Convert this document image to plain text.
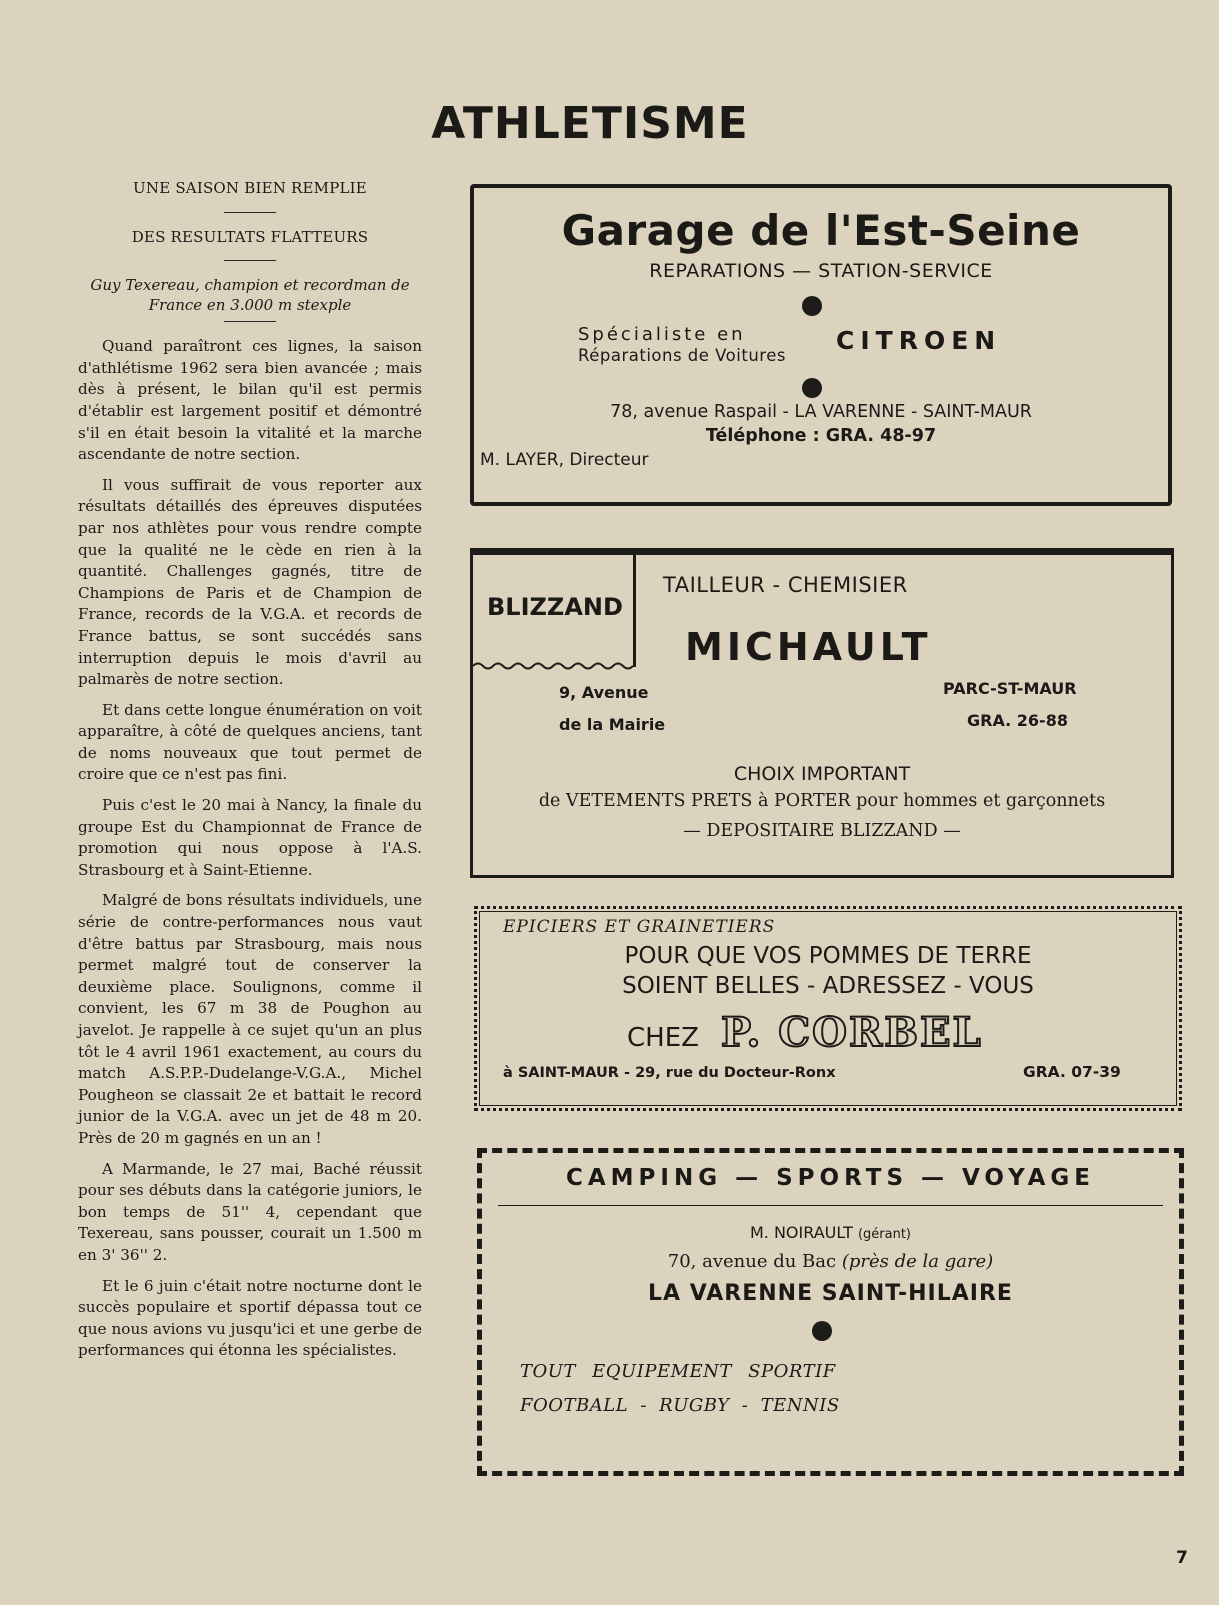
ATHLETISME
UNE SAISON BIEN REMPLIE
DES RESULTATS FLATTEURS
Guy Texereau, champion et recordman de France en 3.000 m stexple

Quand paraîtront ces lignes, la saison d'athlétisme 1962 sera bien avancée ; mais dès à présent, le bilan qu'il est permis d'établir est largement positif et démontré s'il en était besoin la vitalité et la marche ascendante de notre section.

Il vous suffirait de vous reporter aux résultats détaillés des épreuves disputées par nos athlètes pour vous rendre compte que la qualité ne le cède en rien à la quantité. Challenges gagnés, titre de Champions de Paris et de Champion de France, records de la V.G.A. et records de France battus, se sont succédés sans interruption depuis le mois d'avril au palmarès de notre section.

Et dans cette longue énumération on voit apparaître, à côté de quelques anciens, tant de noms nouveaux que tout permet de croire que ce n'est pas fini.

Puis c'est le 20 mai à Nancy, la finale du groupe Est du Championnat de France de promotion qui nous oppose à l'A.S. Strasbourg et à Saint-Etienne.

Malgré de bons résultats individuels, une série de contre-performances nous vaut d'être battus par Strasbourg, mais nous permet malgré tout de conserver la deuxième place. Soulignons, comme il convient, les 67 m 38 de Poughon au javelot. Je rappelle à ce sujet qu'un an plus tôt le 4 avril 1961 exactement, au cours du match A.S.P.P.-Dudelange-V.G.A., Michel Pougheon se classait 2e et battait le record junior de la V.G.A. avec un jet de 48 m 20. Près de 20 m gagnés en un an !

A Marmande, le 27 mai, Baché réussit pour ses débuts dans la catégorie juniors, le bon temps de 51'' 4, cependant que Texereau, sans pousser, courait un 1.500 m en 3' 36'' 2.

Et le 6 juin c'était notre nocturne dont le succès populaire et sportif dépassa tout ce que nous avions vu jusqu'ici et une gerbe de performances qui étonna les spécialistes.

Garage de l'Est-Seine
REPARATIONS — STATION-SERVICE
Spécialiste en
Réparations de Voitures
CITROEN
78, avenue Raspail - LA VARENNE - SAINT-MAUR
Téléphone : GRA. 48-97
M. LAYER, Directeur
BLIZZAND
TAILLEUR - CHEMISIER
MICHAULT
9, Avenue
de la Mairie
PARC-ST-MAUR
GRA. 26-88
CHOIX IMPORTANT
de VETEMENTS PRETS à PORTER pour hommes et garçonnets
— DEPOSITAIRE BLIZZAND —
EPICIERS ET GRAINETIERS
POUR QUE VOS POMMES DE TERRE
SOIENT BELLES - ADRESSEZ - VOUS
CHEZ P. CORBEL
à SAINT-MAUR - 29, rue du Docteur-Ronx	GRA. 07-39
CAMPING — SPORTS — VOYAGE
M. NOIRAULT (gérant)
70, avenue du Bac (près de la gare)
LA VARENNE SAINT-HILAIRE
TOUT EQUIPEMENT SPORTIF
FOOTBALL - RUGBY - TENNIS
7
